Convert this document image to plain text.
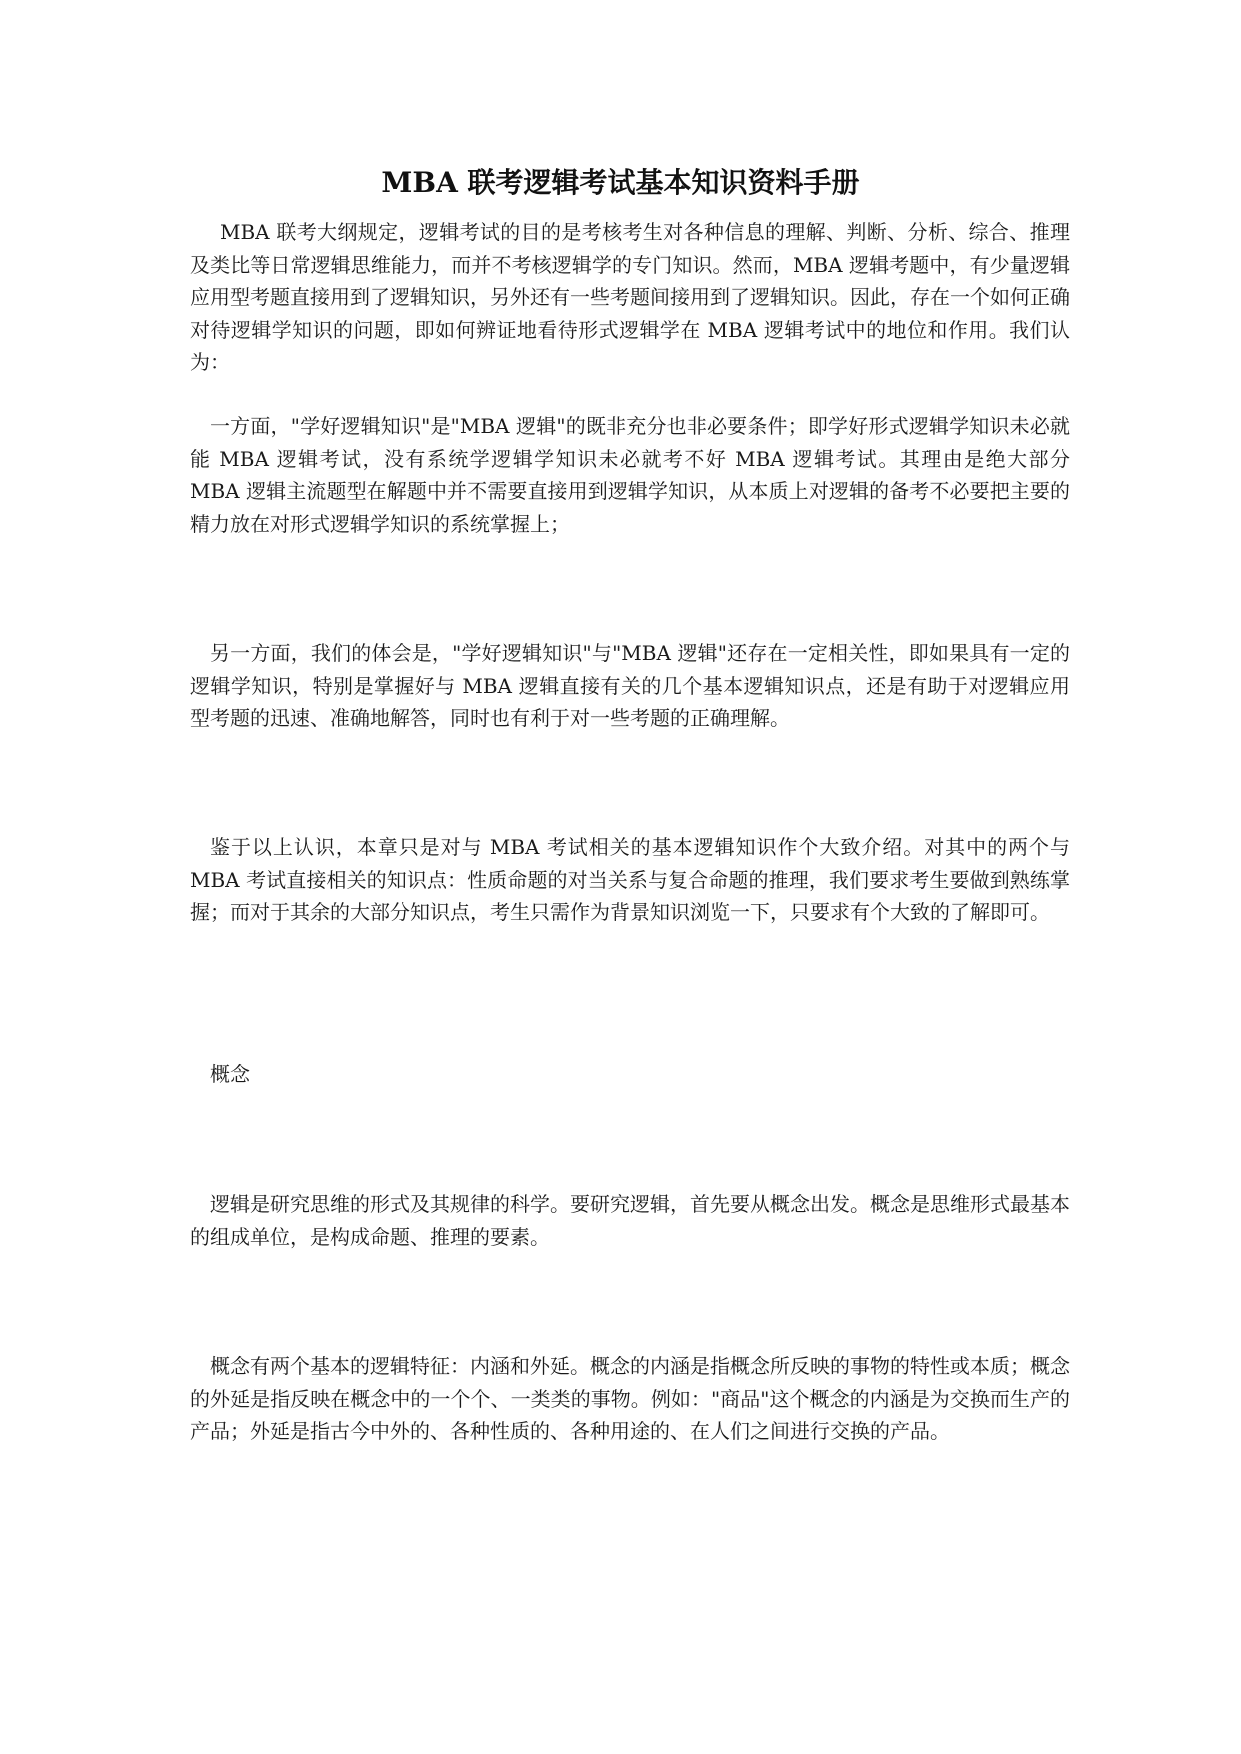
MBA 联考逻辑考试基本知识资料手册

MBA 联考大纲规定，逻辑考试的目的是考核考生对各种信息的理解、判断、分析、综合、推理及类比等日常逻辑思维能力，而并不考核逻辑学的专门知识。然而，MBA 逻辑考题中，有少量逻辑应用型考题直接用到了逻辑知识，另外还有一些考题间接用到了逻辑知识。因此，存在一个如何正确对待逻辑学知识的问题，即如何辨证地看待形式逻辑学在 MBA 逻辑考试中的地位和作用。我们认为：

一方面，"学好逻辑知识"是"MBA 逻辑"的既非充分也非必要条件；即学好形式逻辑学知识未必就能 MBA 逻辑考试，没有系统学逻辑学知识未必就考不好 MBA 逻辑考试。其理由是绝大部分 MBA 逻辑主流题型在解题中并不需要直接用到逻辑学知识，从本质上对逻辑的备考不必要把主要的精力放在对形式逻辑学知识的系统掌握上；

另一方面，我们的体会是，"学好逻辑知识"与"MBA 逻辑"还存在一定相关性，即如果具有一定的逻辑学知识，特别是掌握好与 MBA 逻辑直接有关的几个基本逻辑知识点，还是有助于对逻辑应用型考题的迅速、准确地解答，同时也有利于对一些考题的正确理解。

鉴于以上认识，本章只是对与 MBA 考试相关的基本逻辑知识作个大致介绍。对其中的两个与 MBA 考试直接相关的知识点：性质命题的对当关系与复合命题的推理，我们要求考生要做到熟练掌握；而对于其余的大部分知识点，考生只需作为背景知识浏览一下，只要求有个大致的了解即可。

概念

逻辑是研究思维的形式及其规律的科学。要研究逻辑，首先要从概念出发。概念是思维形式最基本的组成单位，是构成命题、推理的要素。

概念有两个基本的逻辑特征：内涵和外延。概念的内涵是指概念所反映的事物的特性或本质；概念的外延是指反映在概念中的一个个、一类类的事物。例如："商品"这个概念的内涵是为交换而生产的产品；外延是指古今中外的、各种性质的、各种用途的、在人们之间进行交换的产品。
